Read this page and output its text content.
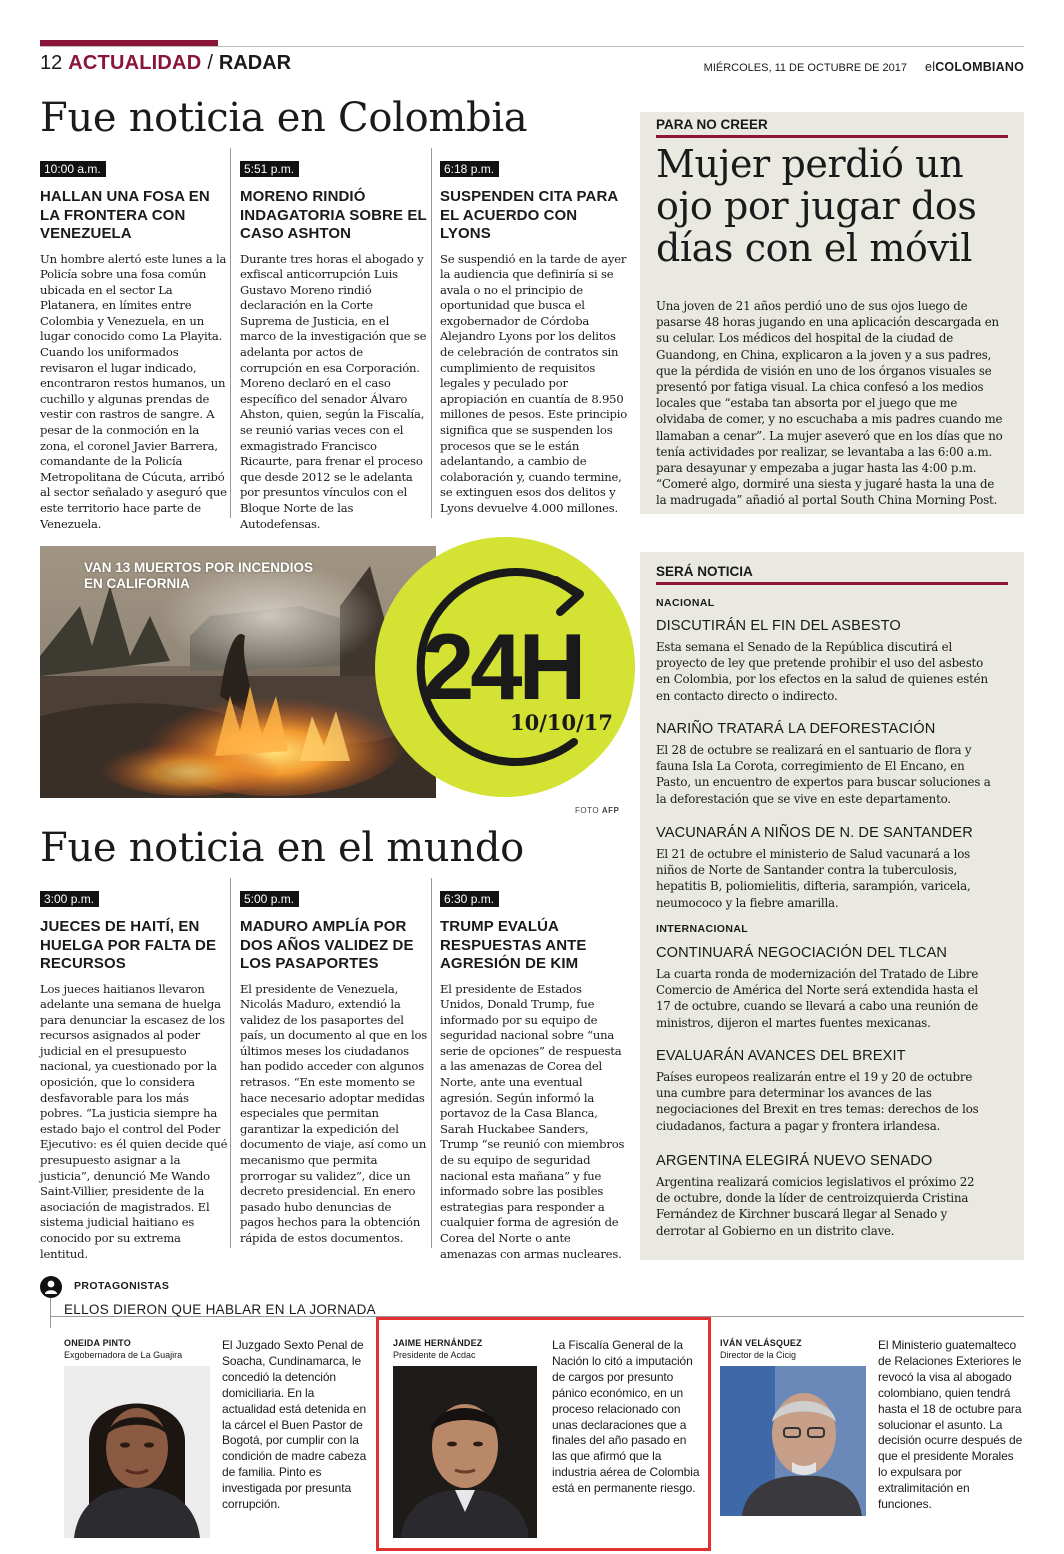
12 ACTUALIDAD / RADAR	MIÉRCOLES, 11 DE OCTUBRE DE 2017 elCOLOMBIANO
Fue noticia en Colombia
10:00 a.m.
HALLAN UNA FOSA EN LA FRONTERA CON VENEZUELA

Un hombre alertó este lunes a la Policía sobre una fosa común ubicada en el sector La Platanera, en límites entre Colombia y Venezuela, en un lugar conocido como La Playita. Cuando los uniformados revisaron el lugar indicado, encontraron restos humanos, un cuchillo y algunas prendas de vestir con rastros de sangre. A pesar de la conmoción en la zona, el coronel Javier Barrera, comandante de la Policía Metropolitana de Cúcuta, arribó al sector señalado y aseguró que este territorio hace parte de Venezuela.

5:51 p.m.
MORENO RINDIÓ INDAGATORIA SOBRE EL CASO ASHTON

Durante tres horas el abogado y exfiscal anticorrupción Luis Gustavo Moreno rindió declaración en la Corte Suprema de Justicia, en el marco de la investigación que se adelanta por actos de corrupción en esa Corporación. Moreno declaró en el caso específico del senador Álvaro Ahston, quien, según la Fiscalía, se reunió varias veces con el exmagistrado Francisco Ricaurte, para frenar el proceso que desde 2012 se le adelanta por presuntos vínculos con el Bloque Norte de las Autodefensas.

6:18 p.m.
SUSPENDEN CITA PARA EL ACUERDO CON LYONS

Se suspendió en la tarde de ayer la audiencia que definiría si se avala o no el principio de oportunidad que busca el exgobernador de Córdoba Alejandro Lyons por los delitos de celebración de contratos sin cumplimiento de requisitos legales y peculado por apropiación en cuantía de 8.950 millones de pesos. Este principio significa que se suspenden los procesos que se le están adelantando, a cambio de colaboración y, cuando termine, se extinguen esos dos delitos y Lyons devuelve 4.000 millones.

PARA NO CREER
Mujer perdió un ojo por jugar dos días con el móvil
Una joven de 21 años perdió uno de sus ojos luego de pasarse 48 horas jugando en una aplicación descargada en su celular. Los médicos del hospital de la ciudad de Guandong, en China, explicaron a la joven y a sus padres, que la pérdida de visión en uno de los órganos visuales se presentó por fatiga visual. La chica confesó a los medios locales que “estaba tan absorta por el juego que me olvidaba de comer, y no escuchaba a mis padres cuando me llamaban a cenar”. La mujer aseveró que en los días que no tenía actividades por realizar, se levantaba a las 6:00 a.m. para desayunar y empezaba a jugar hasta las 4:00 p.m. “Comeré algo, dormiré una siesta y jugaré hasta la una de la madrugada” añadió al portal South China Morning Post.
VAN 13 MUERTOS POR INCENDIOS EN CALIFORNIA
24H
10/10/17
FOTO AFP
Fue noticia en el mundo
3:00 p.m.
JUECES DE HAITÍ, EN HUELGA POR FALTA DE RECURSOS

Los jueces haitianos llevaron adelante una semana de huelga para denunciar la escasez de los recursos asignados al poder judicial en el presupuesto nacional, ya cuestionado por la oposición, que lo considera desfavorable para los más pobres. “La justicia siempre ha estado bajo el control del Poder Ejecutivo: es él quien decide qué presupuesto asignar a la justicia”, denunció Me Wando Saint-Villier, presidente de la asociación de magistrados. El sistema judicial haitiano es conocido por su extrema lentitud.

5:00 p.m.
MADURO AMPLÍA POR DOS AÑOS VALIDEZ DE LOS PASAPORTES

El presidente de Venezuela, Nicolás Maduro, extendió la validez de los pasaportes del país, un documento al que en los últimos meses los ciudadanos han podido acceder con algunos retrasos. “En este momento se hace necesario adoptar medidas especiales que permitan garantizar la expedición del documento de viaje, así como un mecanismo que permita prorrogar su validez”, dice un decreto presidencial. En enero pasado hubo denuncias de pagos hechos para la obtención rápida de estos documentos.

6:30 p.m.
TRUMP EVALÚA RESPUESTAS ANTE AGRESIÓN DE KIM

El presidente de Estados Unidos, Donald Trump, fue informado por su equipo de seguridad nacional sobre “una serie de opciones” de respuesta a las amenazas de Corea del Norte, ante una eventual agresión. Según informó la portavoz de la Casa Blanca, Sarah Huckabee Sanders, Trump “se reunió con miembros de su equipo de seguridad nacional esta mañana” y fue informado sobre las posibles estrategias para responder a cualquier forma de agresión de Corea del Norte o ante amenazas con armas nucleares.

SERÁ NOTICIA
NACIONAL
DISCUTIRÁN EL FIN DEL ASBESTO

Esta semana el Senado de la República discutirá el proyecto de ley que pretende prohibir el uso del asbesto en Colombia, por los efectos en la salud de quienes estén en contacto directo o indirecto.

NARIÑO TRATARÁ LA DEFORESTACIÓN

El 28 de octubre se realizará en el santuario de flora y fauna Isla La Corota, corregimiento de El Encano, en Pasto, un encuentro de expertos para buscar soluciones a la deforestación que se vive en este departamento.

VACUNARÁN A NIÑOS DE N. DE SANTANDER

El 21 de octubre el ministerio de Salud vacunará a los niños de Norte de Santander contra la tuberculosis, hepatitis B, poliomielitis, difteria, sarampión, varicela, neumococo y la fiebre amarilla.

INTERNACIONAL
CONTINUARÁ NEGOCIACIÓN DEL TLCAN

La cuarta ronda de modernización del Tratado de Libre Comercio de América del Norte será extendida hasta el 17 de octubre, cuando se llevará a cabo una reunión de ministros, dijeron el martes fuentes mexicanas.

EVALUARÁN AVANCES DEL BREXIT

Países europeos realizarán entre el 19 y 20 de octubre una cumbre para determinar los avances de las negociaciones del Brexit en tres temas: derechos de los ciudadanos, factura a pagar y frontera irlandesa.

ARGENTINA ELEGIRÁ NUEVO SENADO

Argentina realizará comicios legislativos el próximo 22 de octubre, donde la líder de centroizquierda Cristina Fernández de Kirchner buscará llegar al Senado y derrotar al Gobierno en un distrito clave.

PROTAGONISTAS
ELLOS DIERON QUE HABLAR EN LA JORNADA
ONEIDA PINTO
Exgobernadora de La Guajira
El Juzgado Sexto Penal de Soacha, Cundinamarca, le concedió la detención domiciliaria. En la actualidad está detenida en la cárcel el Buen Pastor de Bogotá, por cumplir con la condición de madre cabeza de familia. Pinto es investigada por presunta corrupción.
JAIME HERNÁNDEZ
Presidente de Acdac
La Fiscalía General de la Nación lo citó a imputación de cargos por presunto pánico económico, en un proceso relacionado con unas declaraciones que a finales del año pasado en las que afirmó que la industria aérea de Colombia está en permanente riesgo.
IVÁN VELÁSQUEZ
Director de la Cicig
El Ministerio guatemalteco de Relaciones Exteriores le revocó la visa al abogado colombiano, quien tendrá hasta el 18 de octubre para solucionar el asunto. La decisión ocurre después de que el presidente Morales lo expulsara por extralimitación en funciones.
